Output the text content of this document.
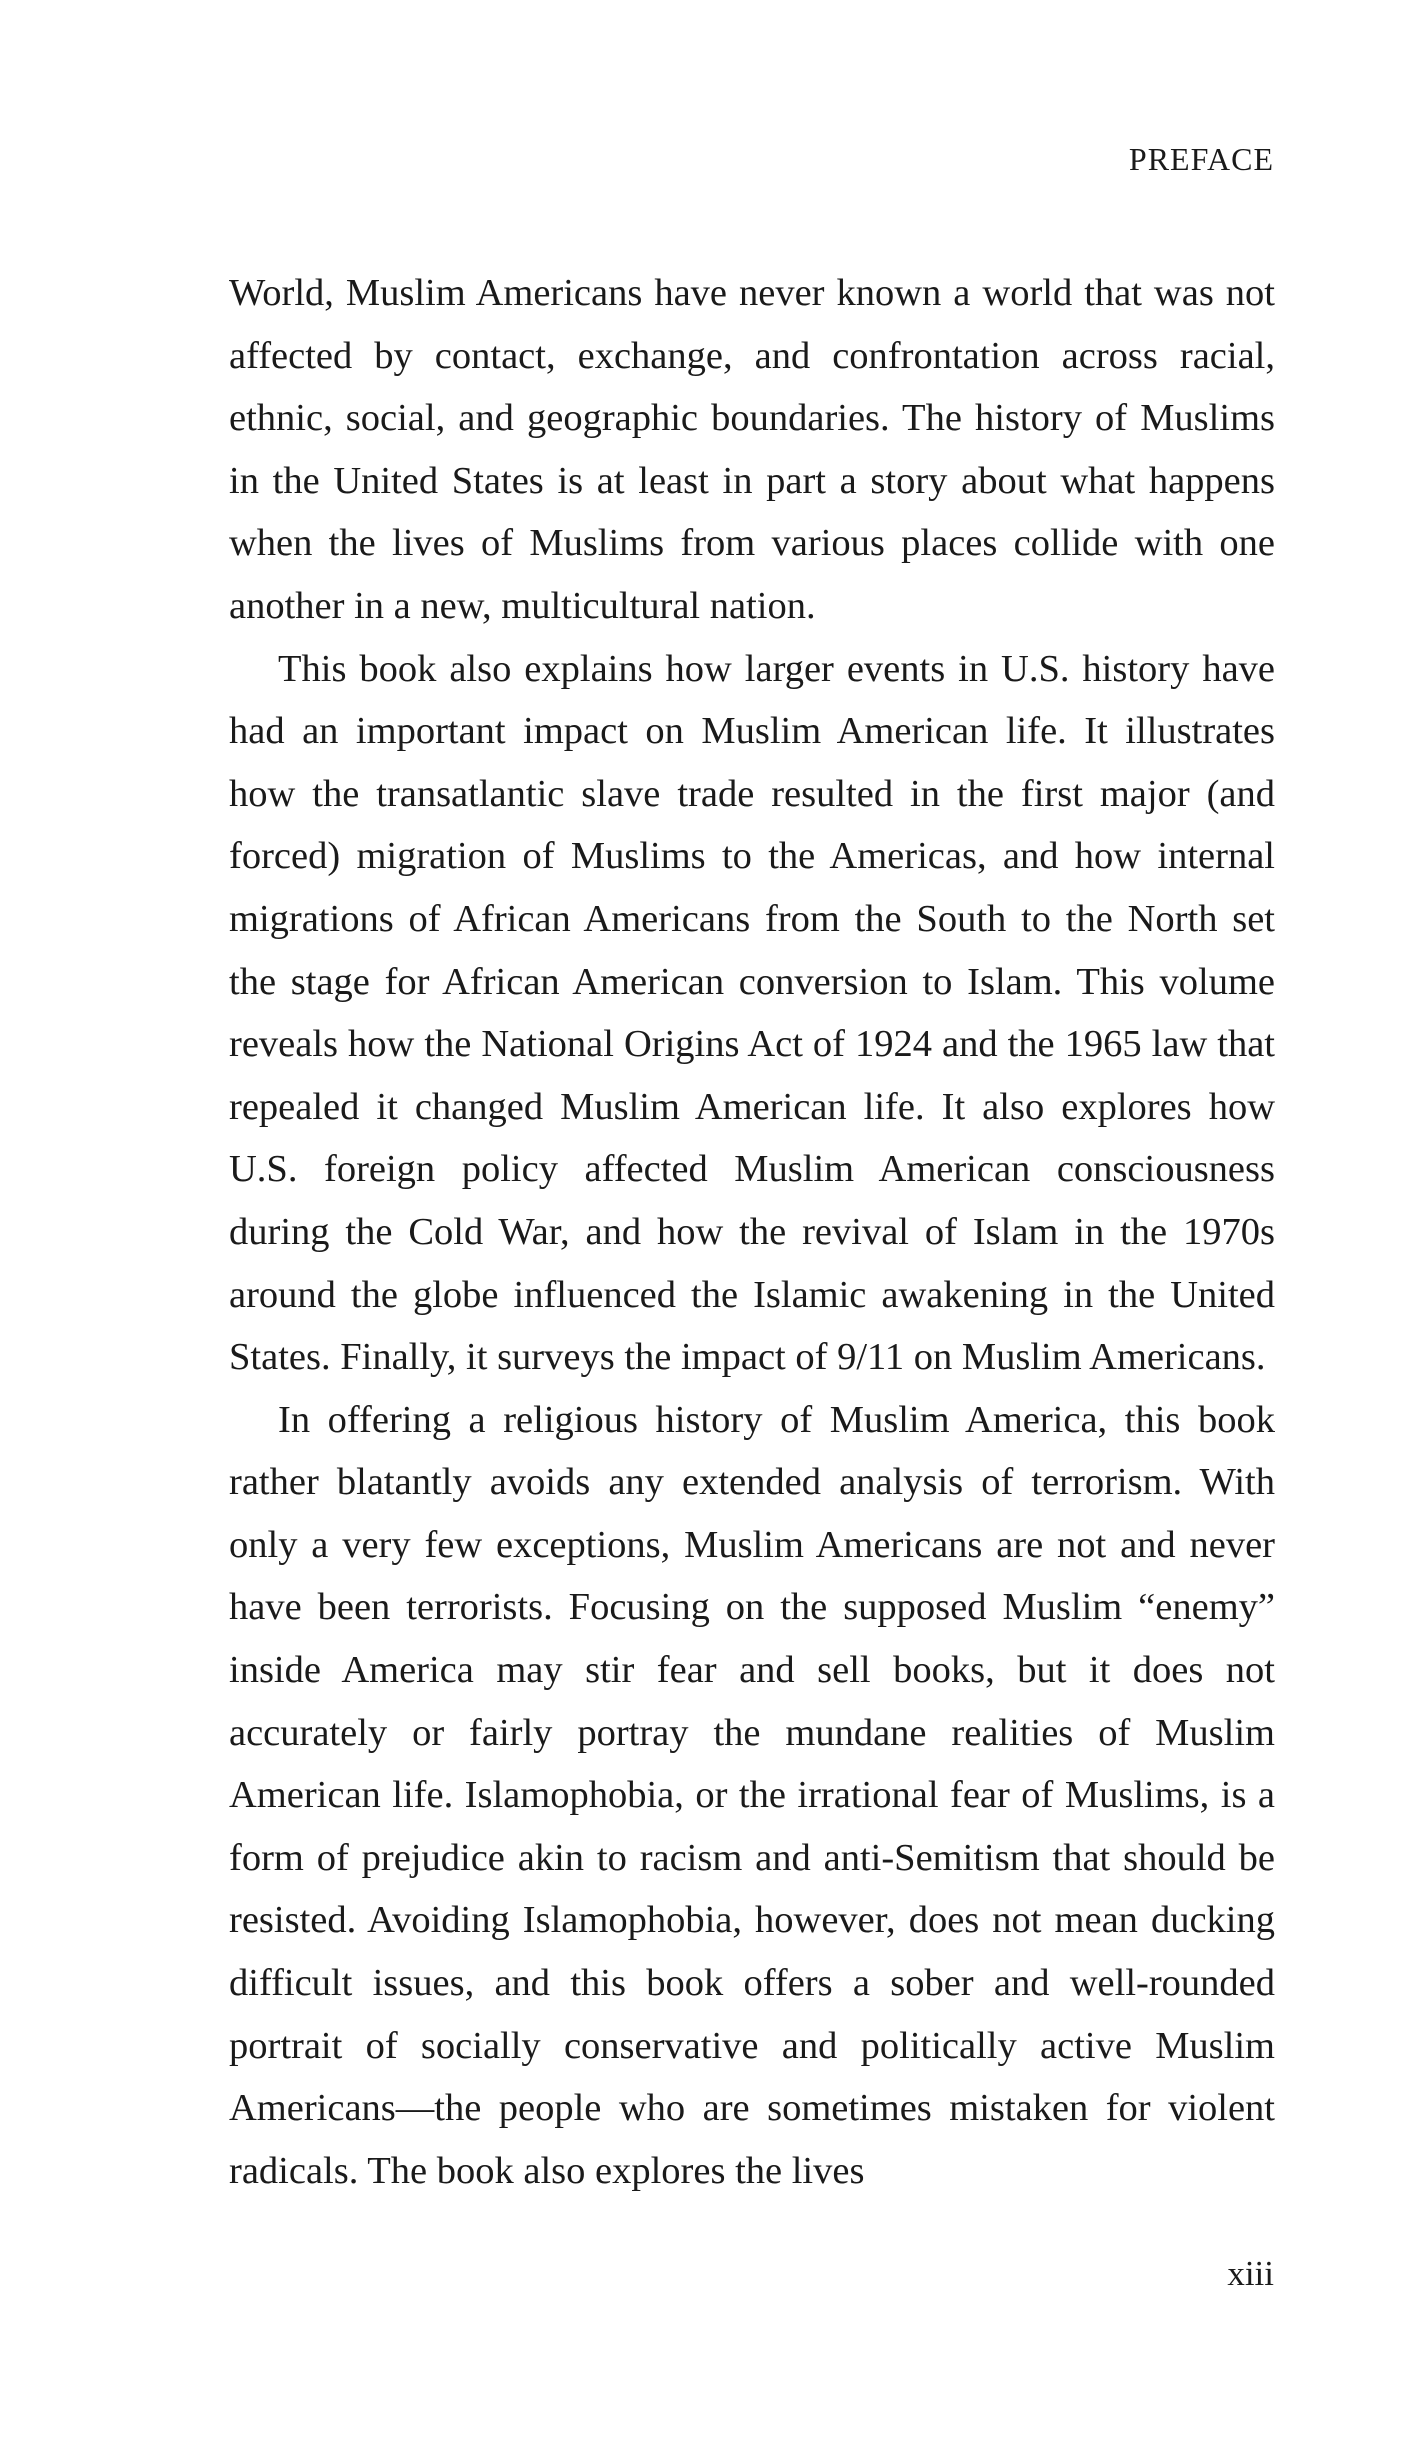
PREFACE

World, Muslim Americans have never known a world that was not affected by contact, exchange, and confrontation across racial, ethnic, social, and geographic boundaries. The history of Muslims in the United States is at least in part a story about what happens when the lives of Muslims from various places collide with one another in a new, multicultural nation.

This book also explains how larger events in U.S. history have had an important impact on Muslim American life. It illustrates how the transatlantic slave trade resulted in the first major (and forced) migration of Muslims to the Americas, and how internal migrations of African Americans from the South to the North set the stage for African American conversion to Islam. This volume reveals how the National Origins Act of 1924 and the 1965 law that repealed it changed Muslim American life. It also explores how U.S. foreign policy affected Muslim American consciousness during the Cold War, and how the revival of Islam in the 1970s around the globe influenced the Islamic awakening in the United States. Finally, it surveys the impact of 9/11 on Muslim Americans.

In offering a religious history of Muslim America, this book rather blatantly avoids any extended analysis of terrorism. With only a very few exceptions, Muslim Americans are not and never have been terrorists. Focusing on the supposed Muslim “enemy” inside America may stir fear and sell books, but it does not accurately or fairly portray the mundane realities of Muslim American life. Islamophobia, or the irrational fear of Muslims, is a form of prejudice akin to racism and anti-Semitism that should be resisted. Avoiding Islamophobia, however, does not mean ducking difficult issues, and this book offers a sober and well-rounded portrait of socially conservative and politically active Muslim Americans—the people who are sometimes mistaken for violent radicals. The book also explores the lives

xiii
